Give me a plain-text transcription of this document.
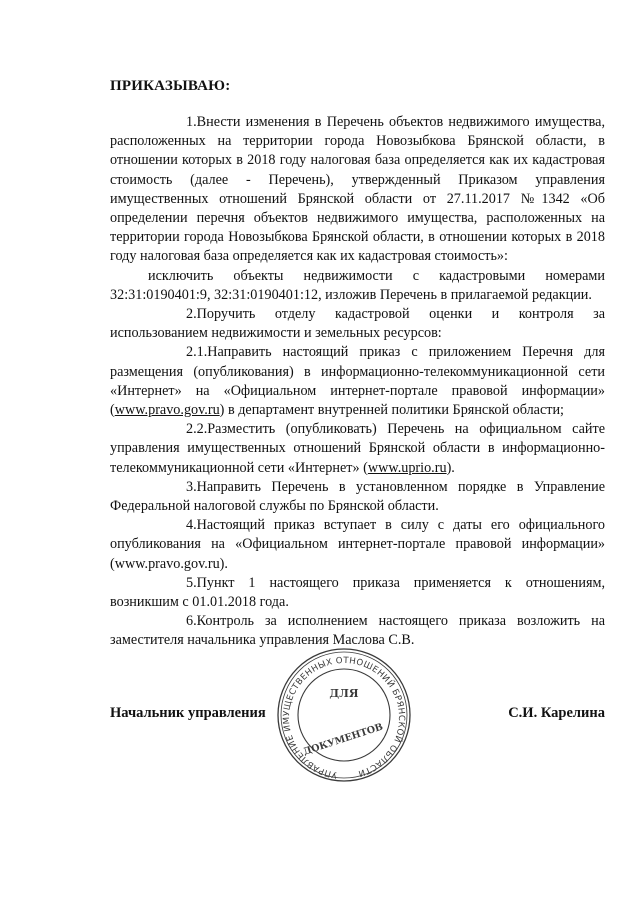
ПРИКАЗЫВАЮ:

1.Внести изменения в Перечень объектов недвижимого имущества, расположенных на территории города Новозыбкова Брянской области, в отношении которых в 2018 году налоговая база определяется как их кадастровая стоимость (далее - Перечень), утвержденный Приказом управления имущественных отношений Брянской области от 27.11.2017 №1342 «Об определении перечня объектов недвижимого имущества, расположенных на территории города Новозыбкова Брянской области, в отношении которых в 2018 году налоговая база определяется как их кадастровая стоимость»:

исключить объекты недвижимости с кадастровыми номерами 32:31:0190401:9, 32:31:0190401:12, изложив Перечень в прилагаемой редакции.

2.Поручить отделу кадастровой оценки и контроля за использованием недвижимости и земельных ресурсов:

2.1.Направить настоящий приказ с приложением Перечня для размещения (опубликования) в информационно-телекоммуникационной сети «Интернет» на «Официальном интернет-портале правовой информации» (www.pravo.gov.ru) в департамент внутренней политики Брянской области;

2.2.Разместить (опубликовать) Перечень на официальном сайте управления имущественных отношений Брянской области в информационно-телекоммуникационной сети «Интернет» (www.uprio.ru).

3.Направить Перечень в установленном порядке в Управление Федеральной налоговой службы по Брянской области.

4.Настоящий приказ вступает в силу с даты его официального опубликования на «Официальном интернет-портале правовой информации» (www.pravo.gov.ru).

5.Пункт 1 настоящего приказа применяется к отношениям, возникшим с 01.01.2018 года.

6.Контроль за исполнением настоящего приказа возложить на заместителя начальника управления Маслова С.В.

Начальник управления	С.И. Карелина
УПРАВЛЕНИЕ ИМУЩЕСТВЕННЫХ ОТНОШЕНИЙ БРЯНСКОЙ ОБЛАСТИ
ДЛЯ
ДОКУМЕНТОВ
